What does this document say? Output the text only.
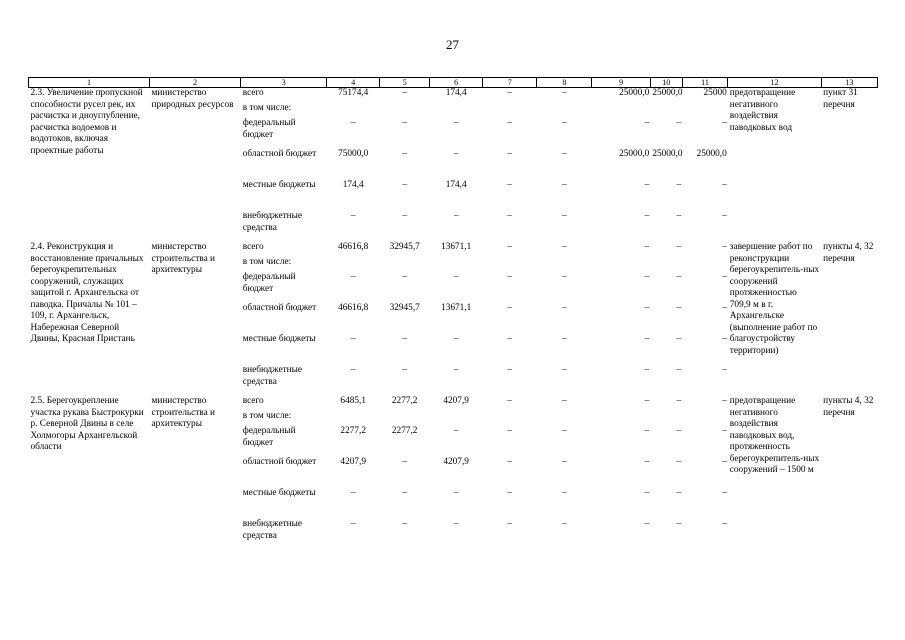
27
1	2	3	4	5	6	7	8	9	10	11	12	13
2.3. Увеличение пропускной способности русел рек, их расчистка и дноуглубление, расчистка водоемов и водотоков, включая проектные работы	министерство природных ресурсов	всего	75174,4	–	174,4	–	–	25000,0	25000,0	25000	предотвращение негативного воздействия паводковых вод	пункт 31 перечня
		в том числе:										
		федеральный бюджет	–	–	–	–	–	–	–	–		
		областной бюджет	75000,0	–	–	–	–	25000,0	25000,0	25000,0		
		местные бюджеты	174,4	–	174,4	–	–	–	–	–		
		внебюджетные средства	–	–	–	–	–	–	–	–		
2.4. Реконструкция и восстановление причальных берегоукрепительных сооружений, служащих защитой г. Архангельска от паводка. Причалы № 101 – 109, г. Архангельск, Набережная Северной Двины, Красная Пристань	министерство строительства и архитектуры	всего	46616,8	32945,7	13671,1	–	–	–	–	–	завершение работ по реконструкции берегоукрепитель-ных сооружений протяженностью 709,9 м в г. Архангельске (выполнение работ по благоустройству территории)	пункты 4, 32 перечня
		в том числе:										
		федеральный бюджет	–	–	–	–	–	–	–	–		
		областной бюджет	46616,8	32945,7	13671,1	–	–	–	–	–		
		местные бюджеты	–	–	–	–	–	–	–	–		
		внебюджетные средства	–	–	–	–	–	–	–	–		
2.5. Берегоукрепление участка рукава Быстрокурки р. Северной Двины в селе Холмогоры Архангельской области	министерство строительства и архитектуры	всего	6485,1	2277,2	4207,9	–	–	–	–	–	предотвращение негативного воздействия паводковых вод, протяженность берегоукрепитель-ных сооружений – 1500 м	пункты 4, 32 перечня
		в том числе:										
		федеральный бюджет	2277,2	2277,2	–	–	–	–	–	–		
		областной бюджет	4207,9	–	4207,9	–	–	–	–	–		
		местные бюджеты	–	–	–	–	–	–	–	–		
		внебюджетные средства	–	–	–	–	–	–	–	–		
